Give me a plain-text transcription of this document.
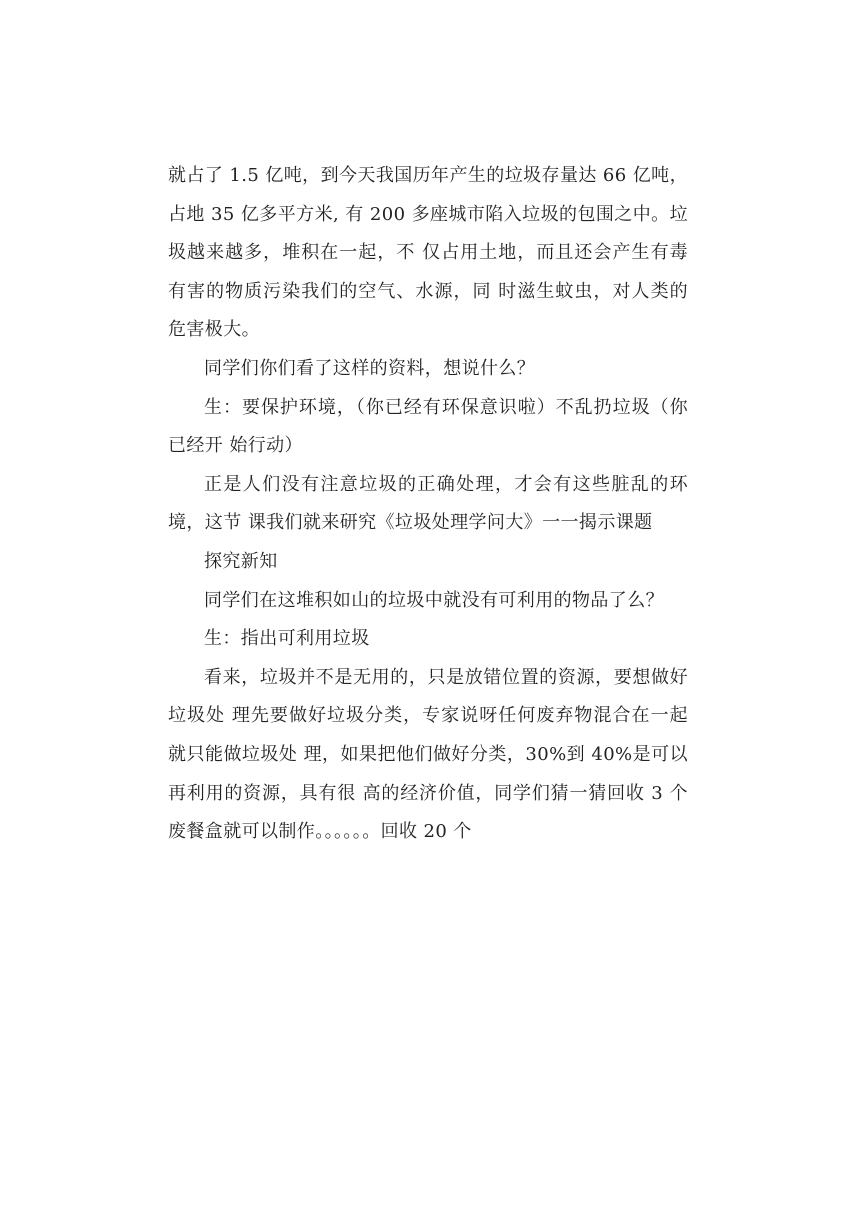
就占了 1.5 亿吨，到今天我国历年产生的垃圾存量达 66 亿吨，占地 35 亿多平方米, 有 200 多座城市陷入垃圾的包围之中。垃圾越来越多，堆积在一起，不 仅占用土地，而且还会产生有毒有害的物质污染我们的空气、水源，同 时滋生蚊虫，对人类的危害极大。

同学们你们看了这样的资料，想说什么？

生：要保护环境，（你已经有环保意识啦）不乱扔垃圾（你已经开 始行动）

正是人们没有注意垃圾的正确处理，才会有这些脏乱的环境，这节 课我们就来研究《垃圾处理学问大》一一揭示课题

探究新知

同学们在这堆积如山的垃圾中就没有可利用的物品了么？

生：指出可利用垃圾

看来，垃圾并不是无用的，只是放错位置的资源，要想做好垃圾处 理先要做好垃圾分类，专家说呀任何废弃物混合在一起就只能做垃圾处 理，如果把他们做好分类，30%到 40%是可以再利用的资源，具有很 高的经济价值，同学们猜一猜回收 3 个废餐盒就可以制作。。。。。。回收 20 个
